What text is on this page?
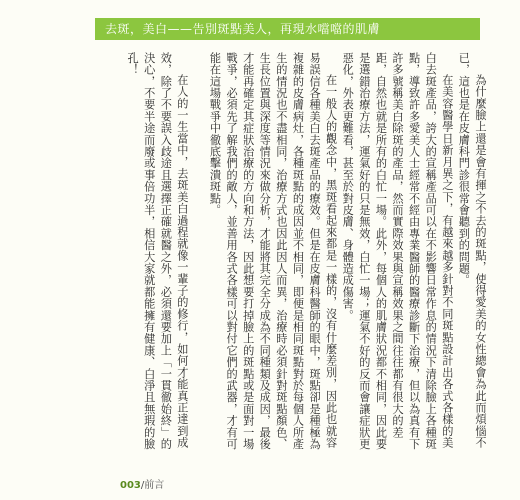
去斑，美白——告別斑點美人，再現水噹噹的肌膚

為什麼臉上還是會有揮之不去的斑點，使得愛美的女性總會為此而煩惱不已，這也是在皮膚科門診很常會聽到的問題。

在美容醫學日新月異之下，有越來越多針對不同斑點設計出各式各樣的美白去斑產品，誇大的宣稱產品可以在不影響日常作息的情況下清除臉上各種斑點，導致許多愛美人士經常不經由專業醫師的醫療診斷下治療，但以為真有下許多號稱美白除斑的產品，然而實際效果與宣稱效果之間往往都有很大的差距，自然也就是所有的白忙一場。此外，每個人的肌膚狀況都不相同，因此要是選錯治療方法，運氣好的只是無效，白忙一場；運氣不好的反而會讓症狀更惡化，外表更難看，甚至於對皮膚、身體造成傷害。

在一般人的觀念中，黑斑看起來都是一樣的，沒有什麼差別，因此也就容易誤信各種美白去斑產品的療效。但是在皮膚科醫師的眼中，斑點卻是種極為複雜的皮膚病灶，各種斑點的成因並不相同，即便是相同斑點對於每個人所產生的情況也不盡相同，治療方式也因此因人而異，治療時必須針對斑點顏色、生長位置與深度等情況來做分析，才能將其完全分成為不同種類及成因，最後才能再確定其症狀治療的方向和方法，因此想要打掉臉上的斑點或是面對一場戰爭，必須先了解我們的敵人，並善用各式各樣可以對付它們的武器，才有可能在這場戰爭中徹底擊潰斑點。

在人的一生當中，去斑美白過程就像一輩子的修行，如何才能真正達到成效，除了不要誤入歧途且選擇正確就醫之外，必須還要加上「一貫徹始終」的決心，不要半途而廢或事倍功半，相信大家就都能擁有健康、白淨且無瑕的臉孔！

003/前言
